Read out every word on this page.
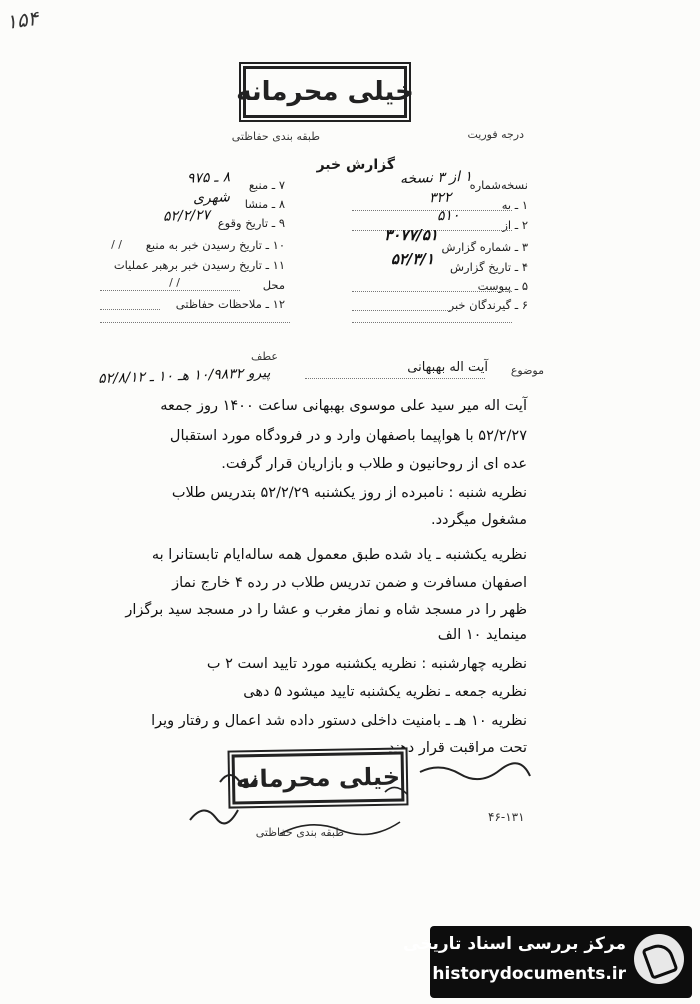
۱۵۴
خیلی محرمانه
درجه فوریت
طبقه بندی حفاظتی
گزارش خبر
نسخه‌شماره
۱ از ۳ نسخه
۱ ـ به
۳۲۲
۲ ـ از
۵۱۰
۳ ـ شماره گزارش
۳۰۷۷/۵۱
۴ ـ تاریخ گزارش
۵۲/۳/۱
۵ ـ پیوست
۶ ـ گیرندگان خبر
۷ ـ منبع
۸ ـ ۹۷۵
۸ ـ منشا
شهری
۹ ـ تاریخ وقوع
۵۲/۲/۲۷
۱۰ ـ تاریخ رسیدن خبر به منبع
/ /
۱۱ ـ تاریخ رسیدن خبر برهبر عملیات
محل
/ /
۱۲ ـ ملاحظات حفاظتی
عطف
پیرو ۱۰/۹۸۳۲ هـ ۱۰ ـ ۵۲/۸/۱۲	موضوع
آیت اله بهبهانی
آیت اله میر سید علی موسوی بهبهانی ساعت ۱۴۰۰ روز جمعه
۵۲/۲/۲۷ با هواپیما باصفهان وارد و در فرودگاه مورد استقبال
عده ای از روحانیون و طلاب و بازاریان قرار گرفت.
نظریه شنبه : نامبرده از روز یکشنبه ۵۲/۲/۲۹ بتدریس طلاب
مشغول میگردد.
نظریه یکشنبه ـ یاد شده طبق معمول همه ساله‌ایام تابستانرا به
اصفهان مسافرت و ضمن تدریس طلاب در رده ۴ خارج نماز
ظهر را در مسجد شاه و نماز مغرب و عشا را در مسجد سید برگزار
مینماید ۱۰ الف
نظریه چهارشنبه : نظریه یکشنبه مورد تایید است ۲ ب
نظریه جمعه ـ نظریه یکشنبه تایید میشود ۵ دهی
نظریه ۱۰ هـ ـ بامنیت داخلی دستور داده شد اعمال و رفتار ویرا
تحت مراقبت قرار دهند.
خیلی محرمانه
طبقه بندی حفاظتی
۴۶-۱۳۱
مرکز بررسی اسناد تاریخی
historydocuments.ir
